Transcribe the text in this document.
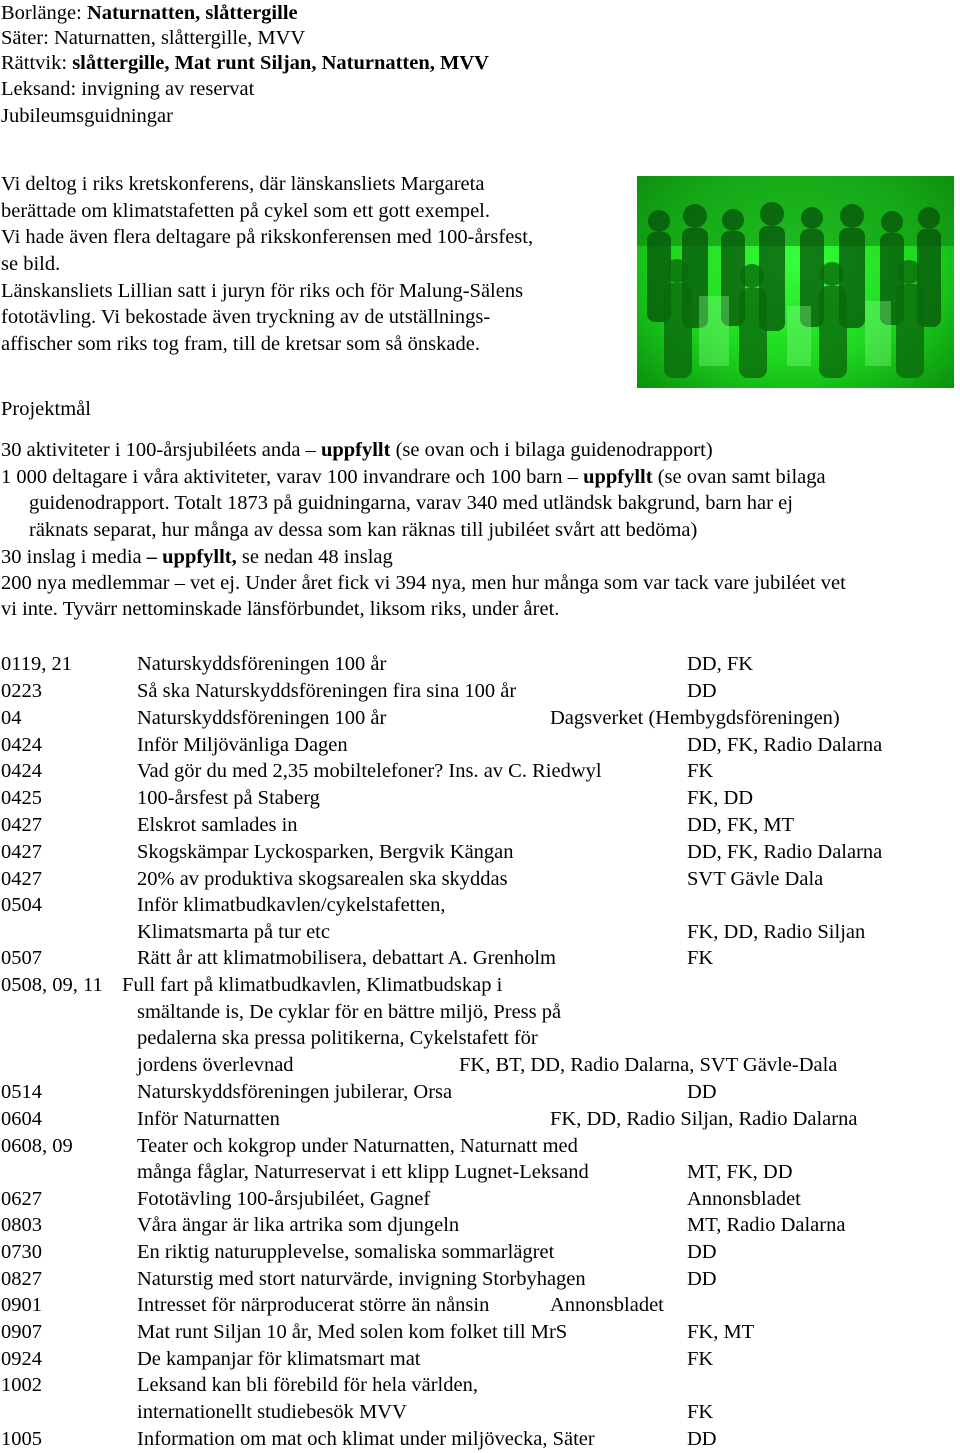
Borlänge: Naturnatten, slåttergille
Säter: Naturnatten, slåttergille, MVV
Rättvik: slåttergille, Mat runt Siljan, Naturnatten, MVV
Leksand: invigning av reservat
Jubileumsguidningar
Vi deltog i riks kretskonferens, där länskansliets Margareta
berättade om klimatstafetten på cykel som ett gott exempel.
Vi hade även flera deltagare på rikskonferensen med 100-årsfest,
se bild.
Länskansliets Lillian satt i juryn för riks och för Malung-Sälens
fototävling. Vi bekostade även tryckning av de utställnings-
affischer som riks tog fram, till de kretsar som så önskade.
Projektmål
30 aktiviteter i 100-årsjubiléets anda – uppfyllt (se ovan och i bilaga guidenodrapport)
1 000 deltagare i våra aktiviteter, varav 100 invandrare och 100 barn – uppfyllt (se ovan samt bilaga
guidenodrapport. Totalt 1873 på guidningarna, varav 340 med utländsk bakgrund, barn har ej
räknats separat, hur många av dessa som kan räknas till jubiléet svårt att bedöma)
30 inslag i media – uppfyllt, se nedan 48 inslag
200 nya medlemmar – vet ej. Under året fick vi 394 nya, men hur många som var tack vare jubiléet vet
vi inte. Tyvärr nettominskade länsförbundet, liksom riks, under året.
0119, 21	Naturskyddsföreningen 100 år	DD, FK
0223	Så ska Naturskyddsföreningen fira sina 100 år	DD
04	Naturskyddsföreningen 100 år	Dagsverket (Hembygdsföreningen)
0424	Inför Miljövänliga Dagen	DD, FK, Radio Dalarna
0424	Vad gör du med 2,35 mobiltelefoner? Ins. av C. Riedwyl	FK
0425	100-årsfest på Staberg	FK, DD
0427	Elskrot samlades in	DD, FK, MT
0427	Skogskämpar Lyckosparken, Bergvik Kängan	DD, FK, Radio Dalarna
0427	20% av produktiva skogsarealen ska skyddas	SVT Gävle Dala
0504	Inför klimatbudkavlen/cykelstafetten,
Klimatsmarta på tur etc	FK, DD, Radio Siljan
0507	Rätt år att klimatmobilisera, debattart A. Grenholm	FK
0508, 09, 11 Full fart på klimatbudkavlen, Klimatbudskap i
smältande is, De cyklar för en bättre miljö, Press på
pedalerna ska pressa politikerna, Cykelstafett för
jordens överlevnad	FK, BT, DD, Radio Dalarna, SVT Gävle-Dala
0514	Naturskyddsföreningen jubilerar, Orsa	DD
0604	Inför Naturnatten	FK, DD, Radio Siljan, Radio Dalarna
0608, 09	Teater och kokgrop under Naturnatten, Naturnatt med
många fåglar, Naturreservat i ett klipp Lugnet-Leksand	MT, FK, DD
0627	Fototävling 100-årsjubiléet, Gagnef	Annonsbladet
0803	Våra ängar är lika artrika som djungeln	MT, Radio Dalarna
0730	En riktig naturupplevelse, somaliska sommarlägret	DD
0827	Naturstig med stort naturvärde, invigning Storbyhagen	DD
0901	Intresset för närproducerat större än nånsin	Annonsbladet
0907	Mat runt Siljan 10 år, Med solen kom folket till MrS	FK, MT
0924	De kampanjar för klimatsmart mat	FK
1002	Leksand kan bli förebild för hela världen,
internationellt studiebesök MVV	FK
1005	Information om mat och klimat under miljövecka, Säter	DD
